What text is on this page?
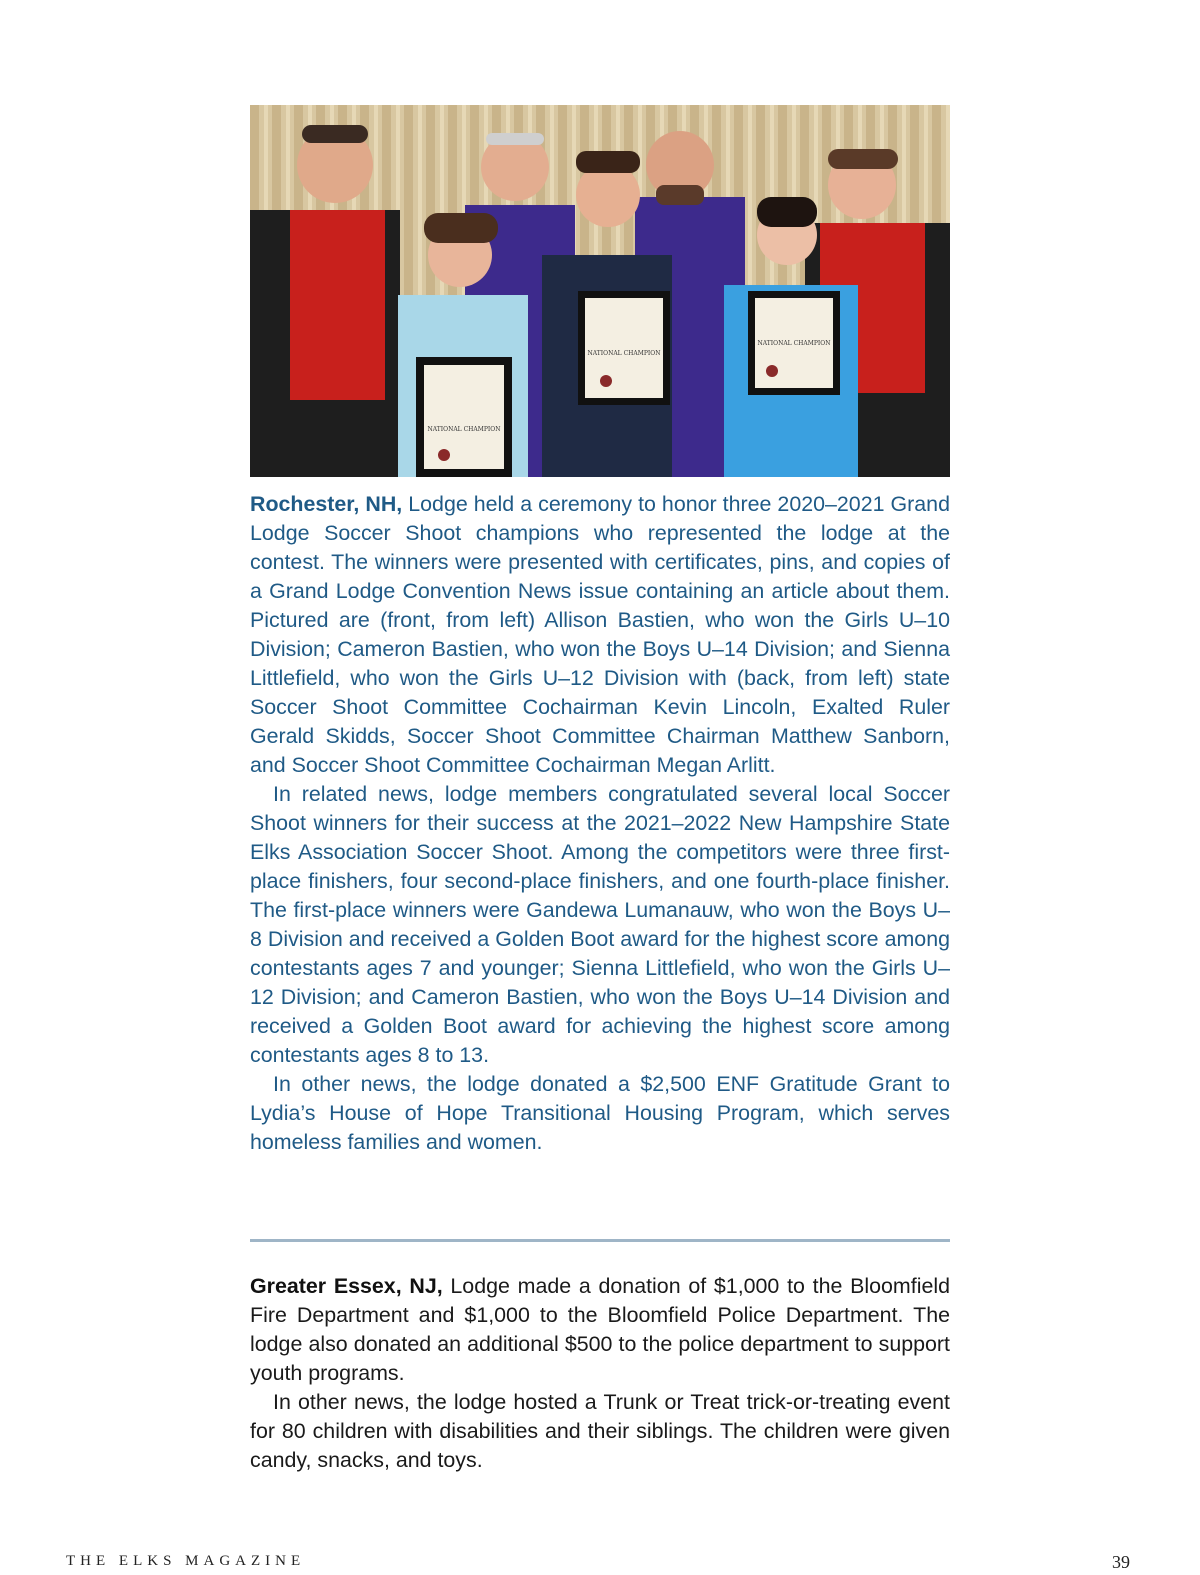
NATIONAL CHAMPION
NATIONAL CHAMPION
NATIONAL CHAMPION

Rochester, NH, Lodge held a ceremony to honor three 2020–2021 Grand Lodge Soccer Shoot champions who represented the lodge at the contest. The winners were presented with certificates, pins, and copies of a Grand Lodge Convention News issue containing an article about them. Pictured are (front, from left) Allison Bastien, who won the Girls U–10 Division; Cameron Bastien, who won the Boys U–14 Division; and Sienna Littlefield, who won the Girls U–12 Division with (back, from left) state Soccer Shoot Committee Cochairman Kevin Lincoln, Exalted Ruler Gerald Skidds, Soccer Shoot Committee Chairman Matthew Sanborn, and Soccer Shoot Committee Cochairman Megan Arlitt.

In related news, lodge members congratulated several local Soccer Shoot winners for their success at the 2021–2022 New Hampshire State Elks Association Soccer Shoot. Among the competitors were three first-place finishers, four second-place finishers, and one fourth-place finisher. The first-place winners were Gandewa Lumanauw, who won the Boys U–8 Division and received a Golden Boot award for the highest score among contestants ages 7 and younger; Sienna Littlefield, who won the Girls U–12 Division; and Cameron Bastien, who won the Boys U–14 Division and received a Golden Boot award for achieving the highest score among contestants ages 8 to 13.

In other news, the lodge donated a $2,500 ENF Gratitude Grant to Lydia’s House of Hope Transitional Housing Program, which serves homeless families and women.

Greater Essex, NJ, Lodge made a donation of $1,000 to the Bloomfield Fire Department and $1,000 to the Bloomfield Police Department. The lodge also donated an additional $500 to the police department to support youth programs.

In other news, the lodge hosted a Trunk or Treat trick-or-treating event for 80 children with disabilities and their siblings. The children were given candy, snacks, and toys.

THE ELKS MAGAZINE	39
